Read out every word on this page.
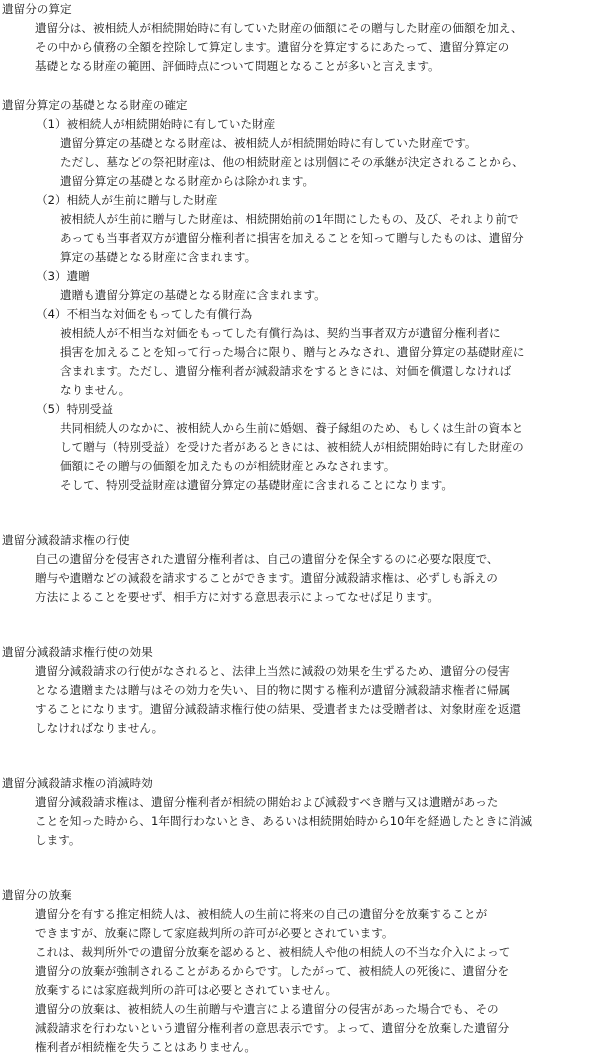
遺留分の算定
遺留分は、被相続人が相続開始時に有していた財産の価額にその贈与した財産の価額を加え、
その中から債務の全額を控除して算定します。遺留分を算定するにあたって、遺留分算定の
基礎となる財産の範囲、評価時点について問題となることが多いと言えます。
遺留分算定の基礎となる財産の確定
（1）被相続人が相続開始時に有していた財産
遺留分算定の基礎となる財産は、被相続人が相続開始時に有していた財産です。
ただし、墓などの祭祀財産は、他の相続財産とは別個にその承継が決定されることから、
遺留分算定の基礎となる財産からは除かれます。
（2）相続人が生前に贈与した財産
被相続人が生前に贈与した財産は、相続開始前の1年間にしたもの、及び、それより前で
あっても当事者双方が遺留分権利者に損害を加えることを知って贈与したものは、遺留分
算定の基礎となる財産に含まれます。
（3）遺贈
遺贈も遺留分算定の基礎となる財産に含まれます。
（4）不相当な対価をもってした有償行為
被相続人が不相当な対価をもってした有償行為は、契約当事者双方が遺留分権利者に
損害を加えることを知って行った場合に限り、贈与とみなされ、遺留分算定の基礎財産に
含まれます。ただし、遺留分権利者が減殺請求をするときには、対価を償還しなければ
なりません。
（5）特別受益
共同相続人のなかに、被相続人から生前に婚姻、養子縁組のため、もしくは生計の資本と
して贈与（特別受益）を受けた者があるときには、被相続人が相続開始時に有した財産の
価額にその贈与の価額を加えたものが相続財産とみなされます。
そして、特別受益財産は遺留分算定の基礎財産に含まれることになります。
遺留分減殺請求権の行使
自己の遺留分を侵害された遺留分権利者は、自己の遺留分を保全するのに必要な限度で、
贈与や遺贈などの減殺を請求することができます。遺留分減殺請求権は、必ずしも訴えの
方法によることを要せず、相手方に対する意思表示によってなせば足ります。
遺留分減殺請求権行使の効果
遺留分減殺請求の行使がなされると、法律上当然に減殺の効果を生ずるため、遺留分の侵害
となる遺贈または贈与はその効力を失い、目的物に関する権利が遺留分減殺請求権者に帰属
することになります。遺留分減殺請求権行使の結果、受遺者または受贈者は、対象財産を返還
しなければなりません。
遺留分減殺請求権の消滅時効
遺留分減殺請求権は、遺留分権利者が相続の開始および減殺すべき贈与又は遺贈があった
ことを知った時から、1年間行わないとき、あるいは相続開始時から10年を経過したときに消滅
します。
遺留分の放棄
遺留分を有する推定相続人は、被相続人の生前に将来の自己の遺留分を放棄することが
できますが、放棄に際して家庭裁判所の許可が必要とされています。
これは、裁判所外での遺留分放棄を認めると、被相続人や他の相続人の不当な介入によって
遺留分の放棄が強制されることがあるからです。したがって、被相続人の死後に、遺留分を
放棄するには家庭裁判所の許可は必要とされていません。
遺留分の放棄は、被相続人の生前贈与や遺言による遺留分の侵害があった場合でも、その
減殺請求を行わないという遺留分権利者の意思表示です。よって、遺留分を放棄した遺留分
権利者が相続権を失うことはありません。
